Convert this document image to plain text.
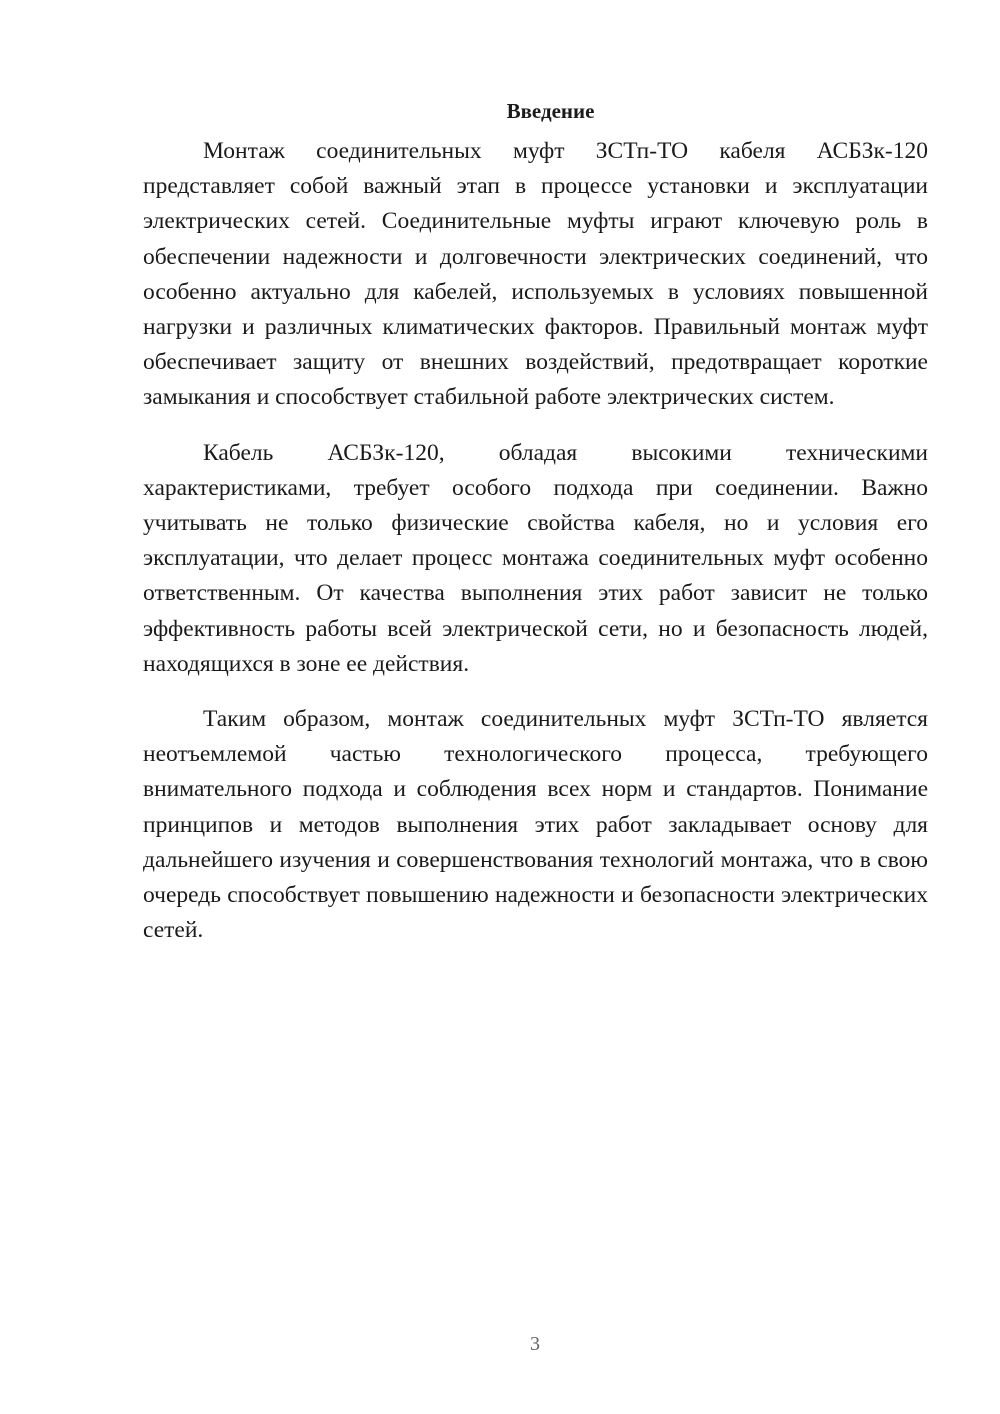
Введение

Монтаж соединительных муфт ЗСТп-ТО кабеля АСБЗк-120 представляет собой важный этап в процессе установки и эксплуатации электрических сетей. Соединительные муфты играют ключевую роль в обеспечении надежности и долговечности электрических соединений, что особенно актуально для кабелей, используемых в условиях повышенной нагрузки и различных климатических факторов. Правильный монтаж муфт обеспечивает защиту от внешних воздействий, предотвращает короткие замыкания и способствует стабильной работе электрических систем.

Кабель АСБЗк-120, обладая высокими техническими характеристиками, требует особого подхода при соединении. Важно учитывать не только физические свойства кабеля, но и условия его эксплуатации, что делает процесс монтажа соединительных муфт особенно ответственным. От качества выполнения этих работ зависит не только эффективность работы всей электрической сети, но и безопасность людей, находящихся в зоне ее действия.

Таким образом, монтаж соединительных муфт ЗСТп-ТО является неотъемлемой частью технологического процесса, требующего внимательного подхода и соблюдения всех норм и стандартов. Понимание принципов и методов выполнения этих работ закладывает основу для дальнейшего изучения и совершенствования технологий монтажа, что в свою очередь способствует повышению надежности и безопасности электрических сетей.

3
